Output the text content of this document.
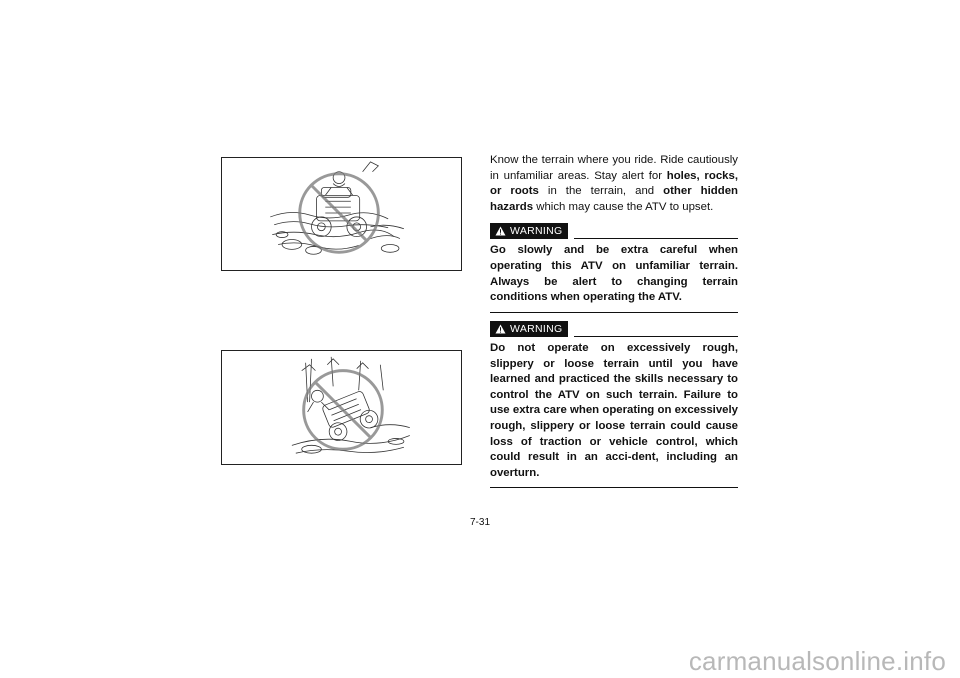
Know the terrain where you ride. Ride cautiously in unfamiliar areas. Stay alert for holes, rocks, or roots in the terrain, and other hidden hazards which may cause the ATV to upset.

WARNING

Go slowly and be extra careful when operating this ATV on unfamiliar terrain. Always be alert to changing terrain conditions when operating the ATV.

WARNING

Do not operate on excessively rough, slippery or loose terrain until you have learned and practiced the skills necessary to control the ATV on such terrain. Failure to use extra care when operating on excessively rough, slippery or loose terrain could cause loss of traction or vehicle control, which could result in an acci-dent, including an overturn.

7-31
carmanualsonline.info
